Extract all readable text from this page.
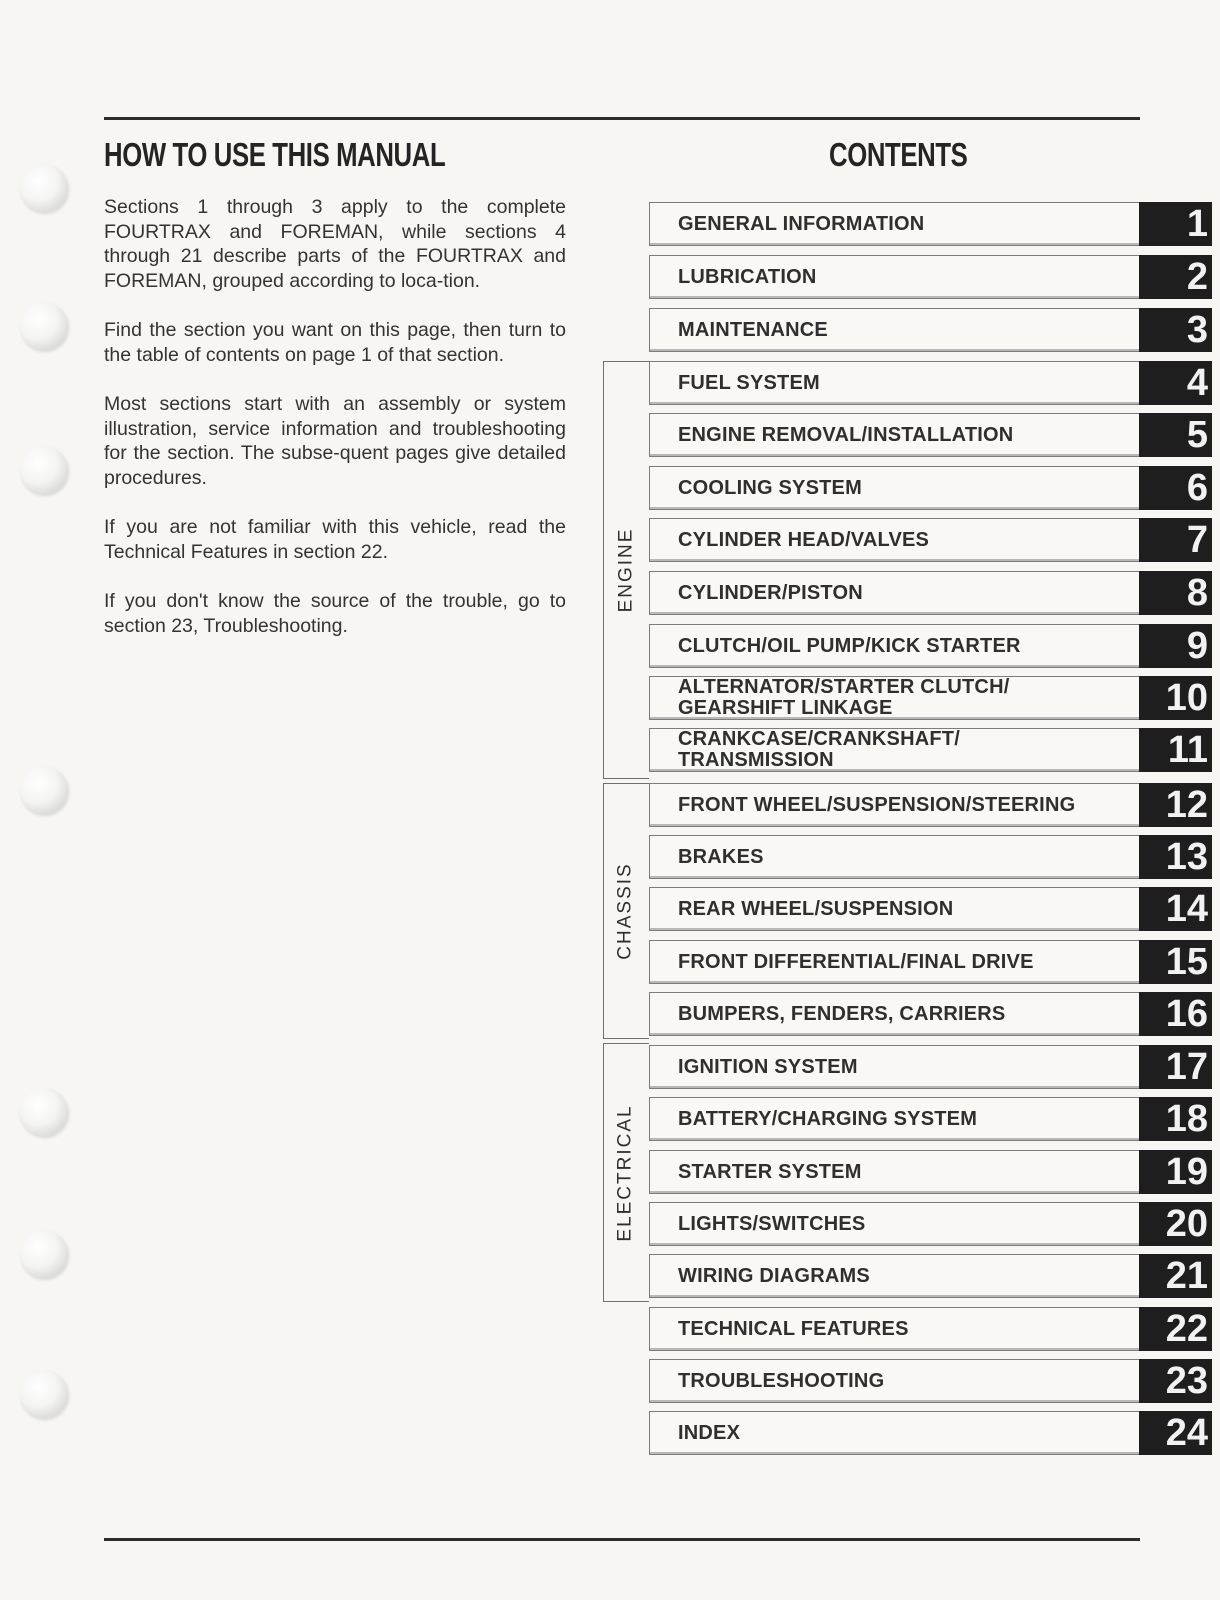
HOW TO USE THIS MANUAL	CONTENTS

Sections 1 through 3 apply to the complete FOURTRAX and FOREMAN, while sections 4 through 21 describe parts of the FOURTRAX and FOREMAN, grouped according to loca-tion.

Find the section you want on this page, then turn to the table of contents on page 1 of that section.

Most sections start with an assembly or system illustration, service information and troubleshooting for the section. The subse-quent pages give detailed procedures.

If you are not familiar with this vehicle, read the Technical Features in section 22.

If you don't know the source of the trouble, go to section 23, Troubleshooting.

ENGINE
CHASSIS
ELECTRICAL
GENERAL INFORMATION	1
LUBRICATION	2
MAINTENANCE	3
FUEL SYSTEM	4
ENGINE REMOVAL/INSTALLATION	5
COOLING SYSTEM	6
CYLINDER HEAD/VALVES	7
CYLINDER/PISTON	8
CLUTCH/OIL PUMP/KICK STARTER	9
ALTERNATOR/STARTER CLUTCH/
GEARSHIFT LINKAGE	10
CRANKCASE/CRANKSHAFT/
TRANSMISSION	11
FRONT WHEEL/SUSPENSION/STEERING	12
BRAKES	13
REAR WHEEL/SUSPENSION	14
FRONT DIFFERENTIAL/FINAL DRIVE	15
BUMPERS, FENDERS, CARRIERS	16
IGNITION SYSTEM	17
BATTERY/CHARGING SYSTEM	18
STARTER SYSTEM	19
LIGHTS/SWITCHES	20
WIRING DIAGRAMS	21
TECHNICAL FEATURES	22
TROUBLESHOOTING	23
INDEX	24
